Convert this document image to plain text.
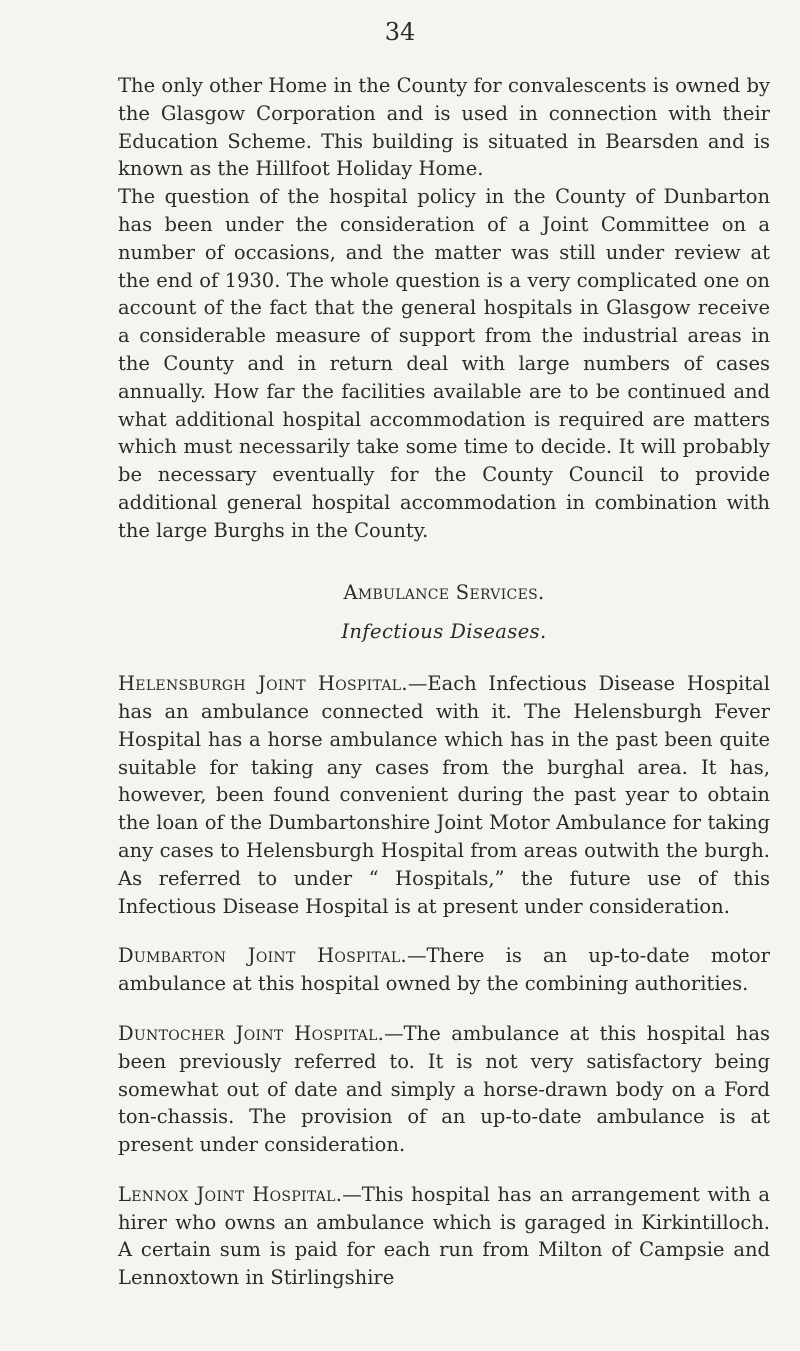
34

The only other Home in the County for convalescents is owned by the Glasgow Corporation and is used in connection with their Education Scheme. This building is situated in Bearsden and is known as the Hillfoot Holiday Home.

The question of the hospital policy in the County of Dunbarton has been under the consideration of a Joint Committee on a number of occasions, and the matter was still under review at the end of 1930. The whole question is a very complicated one on account of the fact that the general hospitals in Glasgow receive a considerable measure of support from the industrial areas in the County and in return deal with large numbers of cases annually. How far the facilities available are to be continued and what additional hospital accommodation is required are matters which must necessarily take some time to decide. It will probably be necessary eventually for the County Council to provide additional general hospital accommodation in combination with the large Burghs in the County.

Ambulance Services.
Infectious Diseases.

Helensburgh Joint Hospital.—Each Infectious Disease Hospital has an ambulance connected with it. The Helensburgh Fever Hospital has a horse ambulance which has in the past been quite suitable for taking any cases from the burghal area. It has, however, been found convenient during the past year to obtain the loan of the Dumbartonshire Joint Motor Ambulance for taking any cases to Helensburgh Hospital from areas outwith the burgh. As referred to under “ Hospitals,” the future use of this Infectious Disease Hospital is at present under consideration.

Dumbarton Joint Hospital.—There is an up-to-date motor ambulance at this hospital owned by the combining authorities.

Duntocher Joint Hospital.—The ambulance at this hospital has been previously referred to. It is not very satisfactory being somewhat out of date and simply a horse-drawn body on a Ford ton-chassis. The provision of an up-to-date ambulance is at present under consideration.

Lennox Joint Hospital.—This hospital has an arrangement with a hirer who owns an ambulance which is garaged in Kirkintilloch. A certain sum is paid for each run from Milton of Campsie and Lennoxtown in Stirlingshire
